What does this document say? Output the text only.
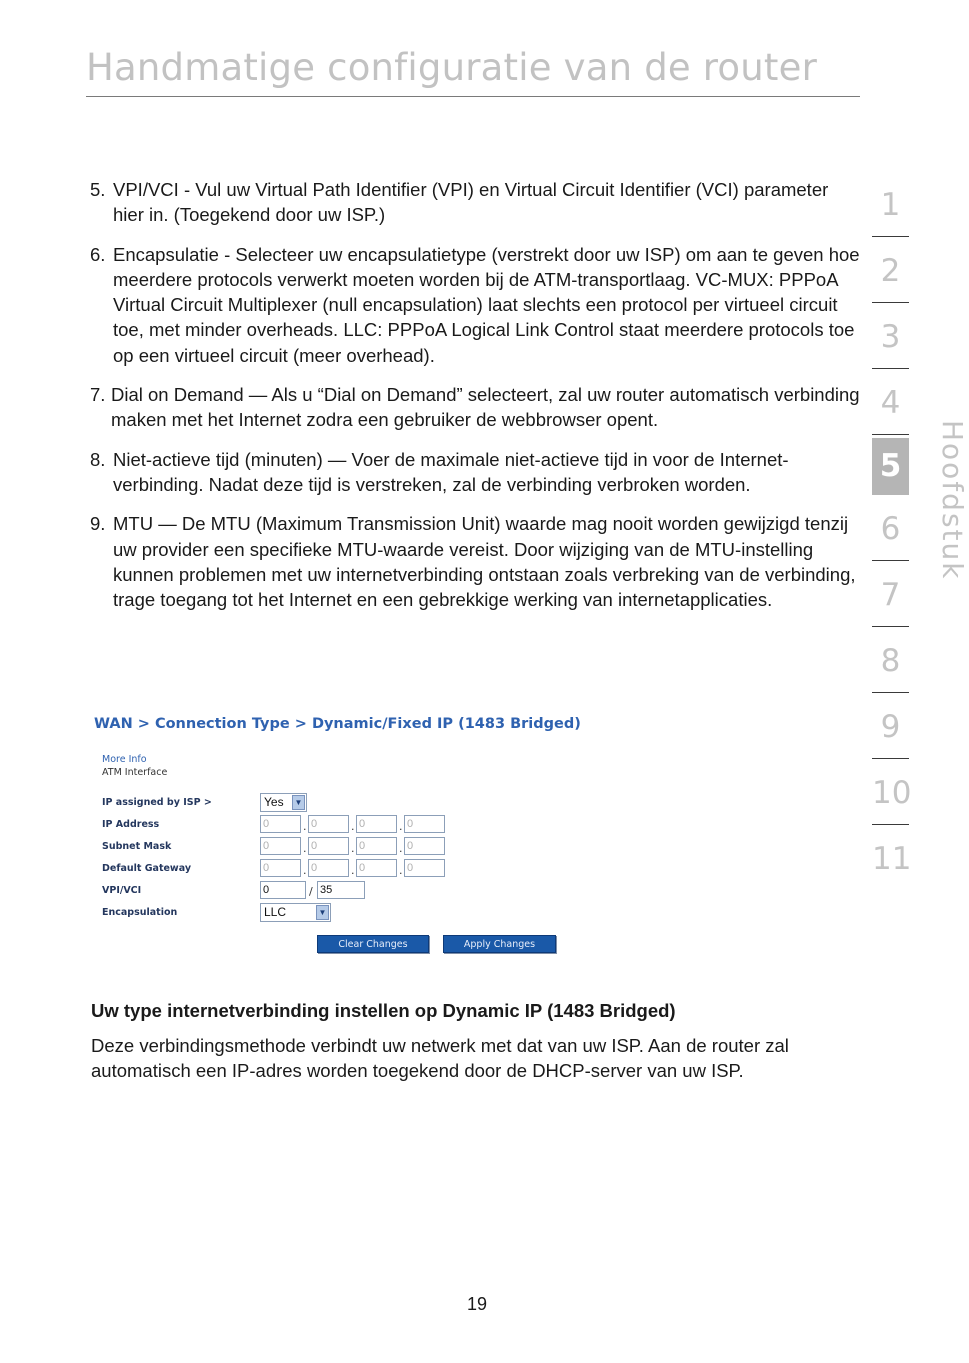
Handmatige configuratie van de router
5. VPI/VCI - Vul uw Virtual Path Identifier (VPI) en Virtual Circuit Identifier (VCI) parameter hier in. (Toegekend door uw ISP.)
6. Encapsulatie - Selecteer uw encapsulatietype (verstrekt door uw ISP) om aan te geven hoe meerdere protocols verwerkt moeten worden bij de ATM-transportlaag. VC-MUX: PPPoA Virtual Circuit Multiplexer (null encapsulation) laat slechts een protocol per virtueel circuit toe, met minder overheads. LLC: PPPoA Logical Link Control staat meerdere protocols toe op een virtueel circuit (meer overhead).
7. Dial on Demand — Als u “Dial on Demand” selecteert, zal uw router automatisch verbinding maken met het Internet zodra een gebruiker de webbrowser opent.
8. Niet-actieve tijd (minuten) — Voer de maximale niet-actieve tijd in voor de Internet-verbinding. Nadat deze tijd is verstreken, zal de verbinding verbroken worden.
9. MTU — De MTU (Maximum Transmission Unit) waarde mag nooit worden gewijzigd tenzij uw provider een specifieke MTU-waarde vereist. Door wijziging van de MTU-instelling kunnen problemen met uw internetverbinding ontstaan zoals verbreking van de verbinding, trage toegang tot het Internet en een gebrekkige werking van internetapplicaties.
1
2
3
4
5
6
7
8
9
10
11
Hoofdstuk
WAN > Connection Type > Dynamic/Fixed IP (1483 Bridged)
More Info
ATM Interface
IP assigned by ISP >	Yes	▼
IP Address	0	. 0	. 0	. 0
Subnet Mask	0	. 0	. 0	. 0
Default Gateway	0	. 0	. 0	. 0
VPI/VCI	0	/ 35
Encapsulation	LLC	▼
Clear Changes	Apply Changes
Uw type internetverbinding instellen op Dynamic IP (1483 Bridged)
Deze verbindingsmethode verbindt uw netwerk met dat van uw ISP. Aan de router zal automatisch een IP-adres worden toegekend door de DHCP-server van uw ISP.
19
